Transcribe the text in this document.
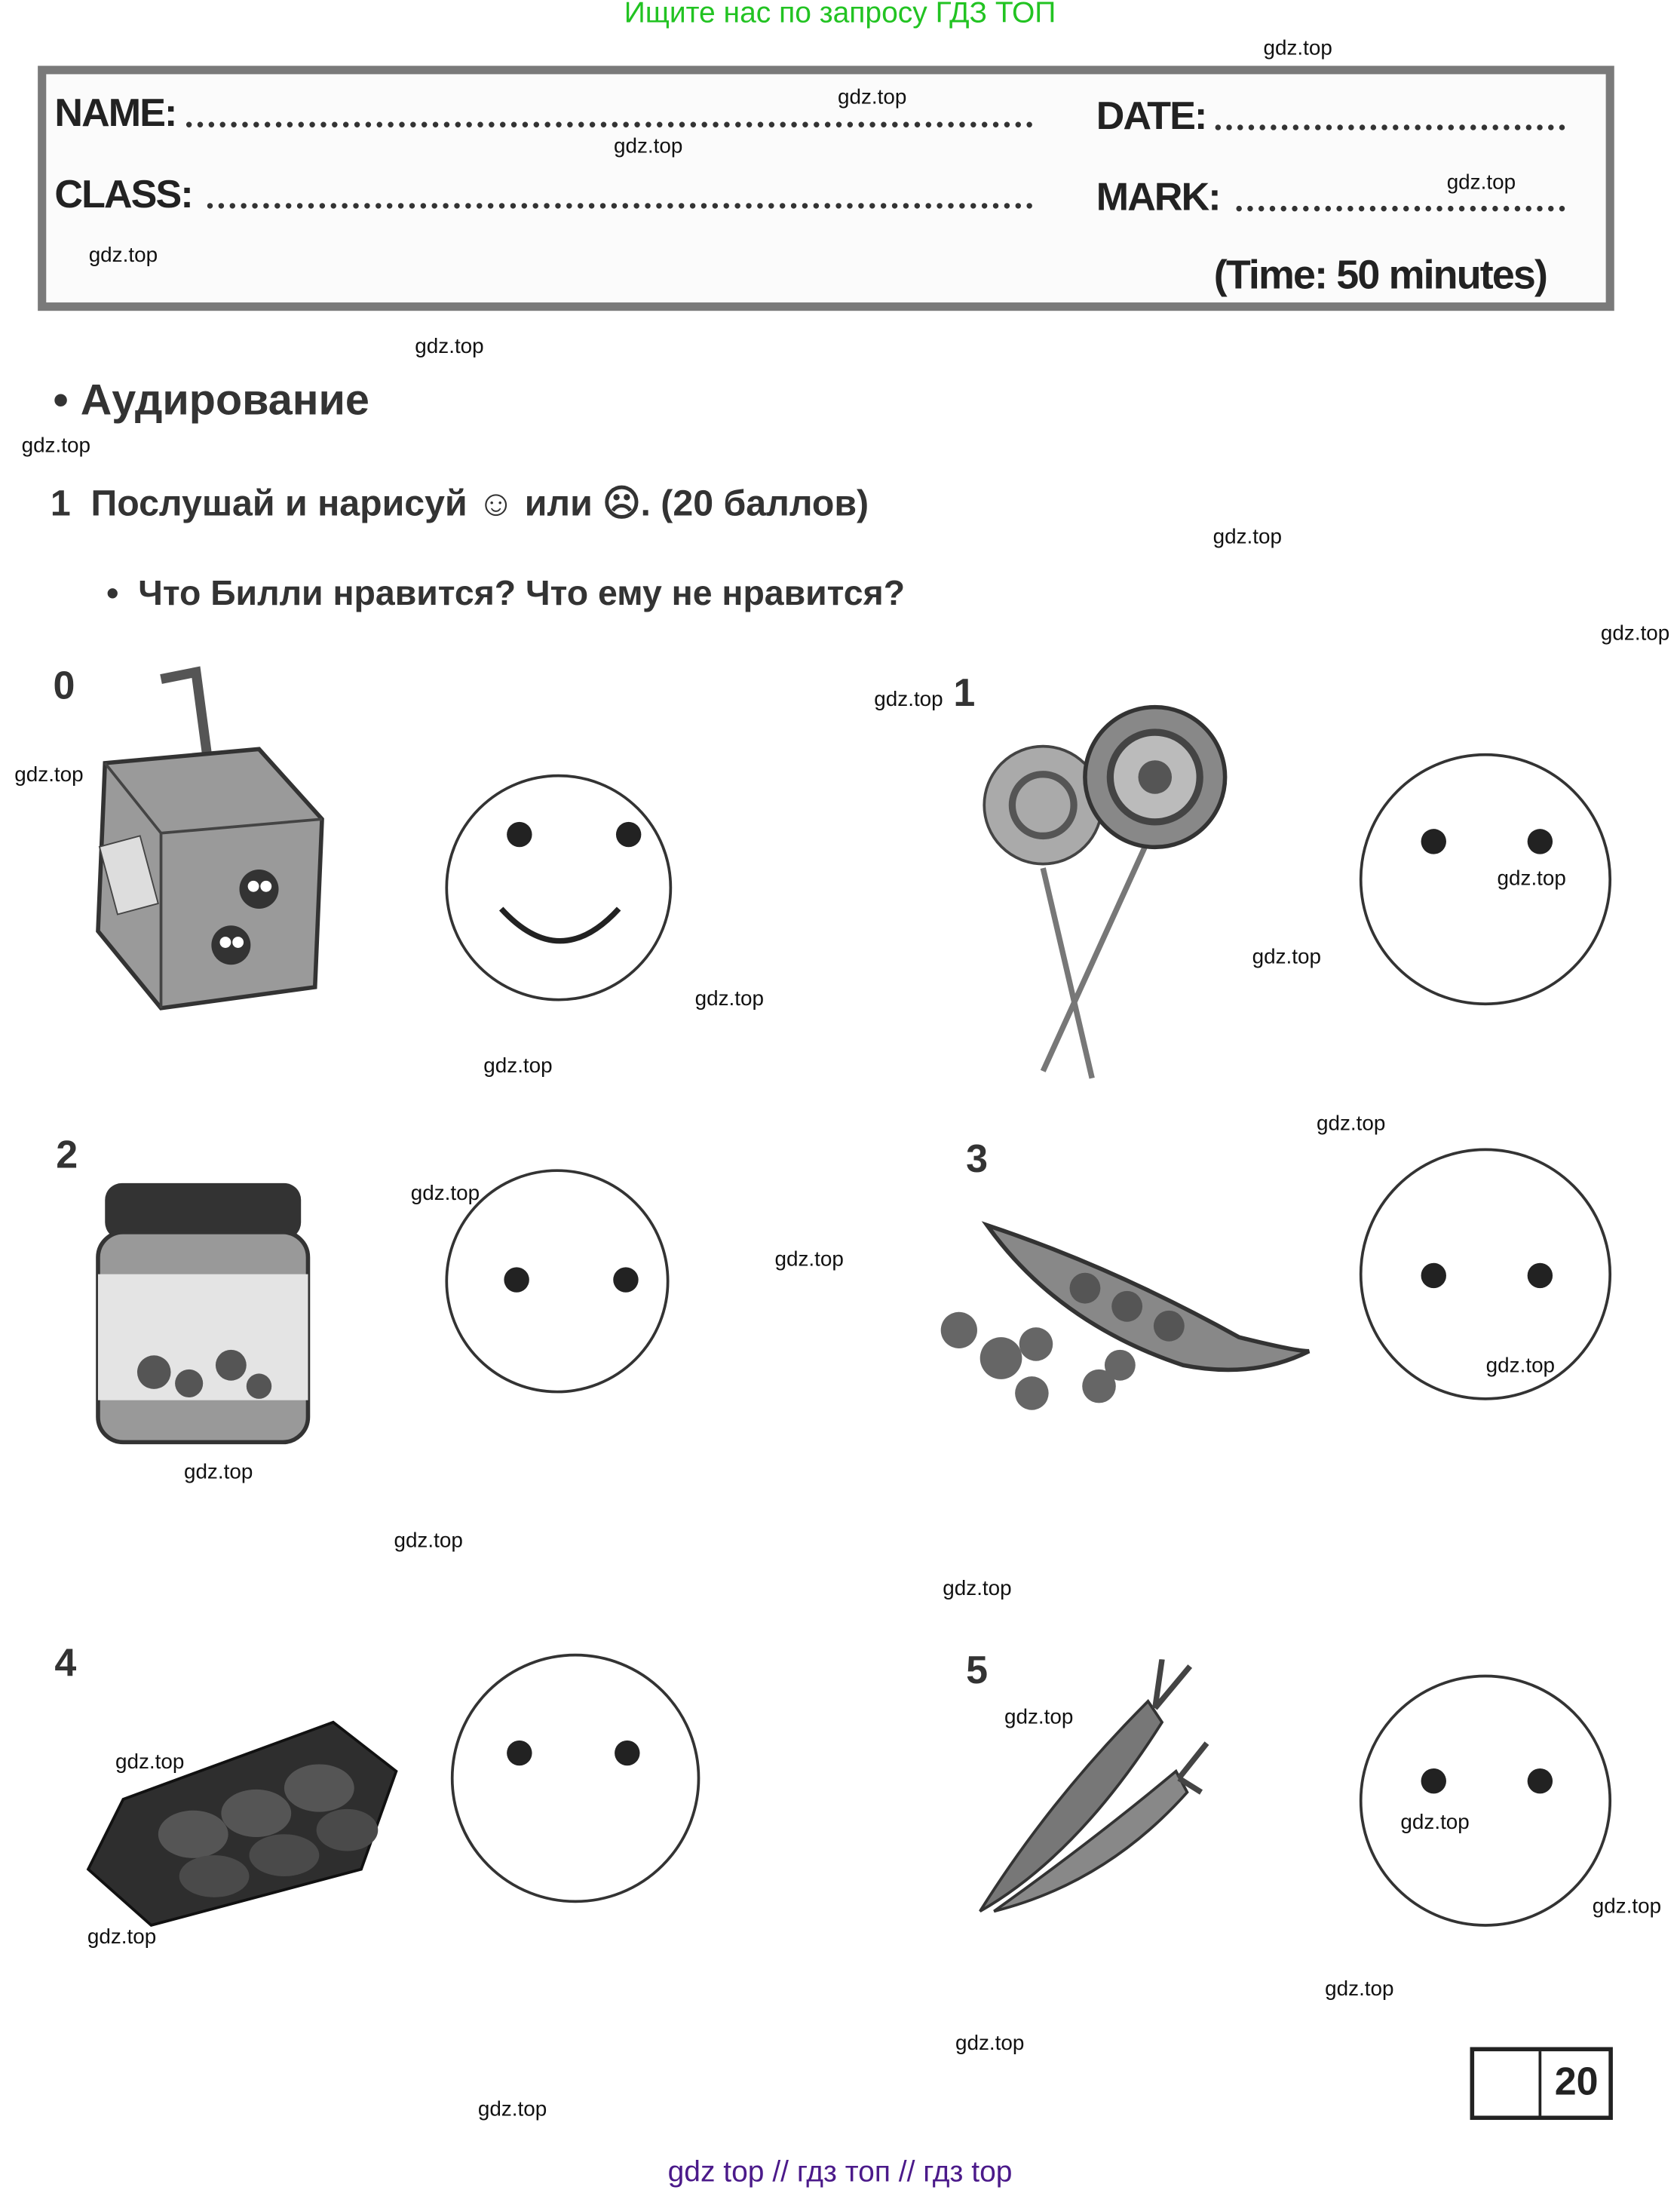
Ищите нас по запросу ГДЗ ТОП
NAME:	DATE:
CLASS:	MARK:
(Time: 50 minutes)
• Аудирование
1 Послушай и нарисуй ☺ или ☹. (20 баллов)
• Что Билли нравится? Что ему не нравится?
0	1
2	3
4	5
20
gdz.top
gdz.top
gdz.top
gdz.top
gdz.top
gdz.top
gdz.top
gdz.top
gdz.top
gdz.top
gdz.top
gdz.top
gdz.top
gdz.top
gdz.top
gdz.top
gdz.top
gdz.top
gdz.top
gdz.top
gdz.top
gdz.top
gdz.top
gdz.top
gdz.top
gdz.top
gdz.top
gdz.top
gdz.top
gdz.top
gdz top // гдз топ // гдз top
